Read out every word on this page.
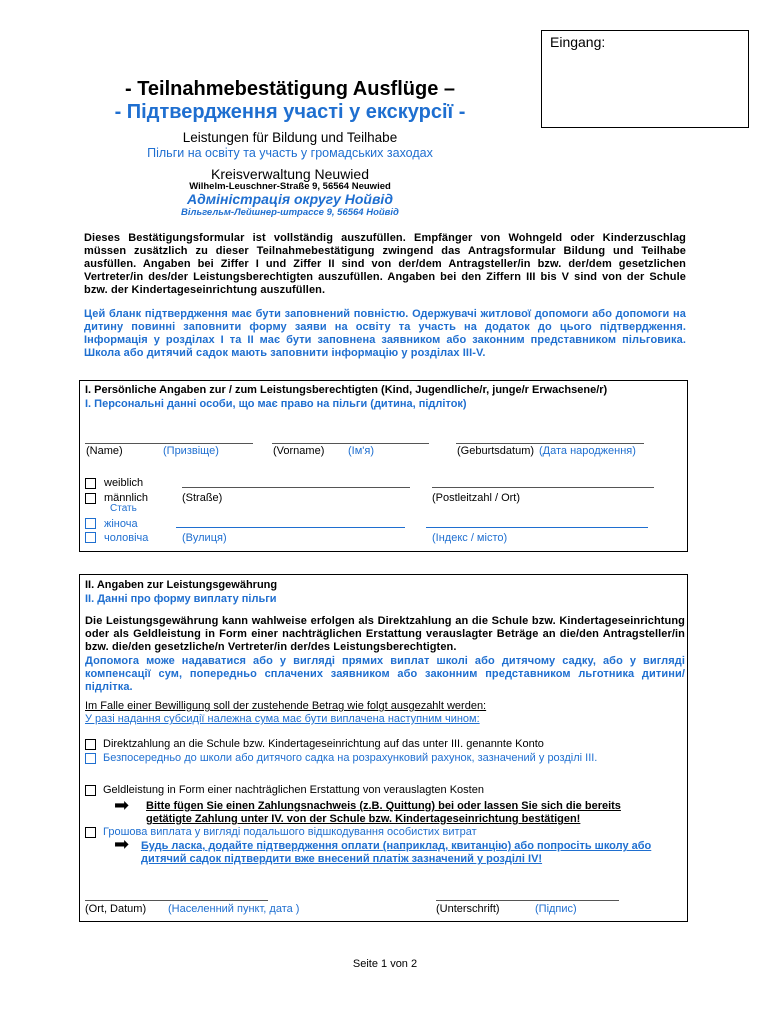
Eingang:
- Teilnahmebestätigung Ausflüge –
- Підтвердження участі у екскурсії -
Leistungen für Bildung und Teilhabe
Пільги на освіту та участь у громадських заходах
Kreisverwaltung Neuwied
Wilhelm-Leuschner-Straße 9, 56564 Neuwied
Адміністрація округу Нойвід
Вільгельм-Лейшнер-штрассе 9, 56564 Нойвід
Dieses Bestätigungsformular ist vollständig auszufüllen. Empfänger von Wohngeld oder Kinderzuschlag müssen zusätzlich zu dieser Teilnahmebestätigung zwingend das Antragsformular Bildung und Teilhabe ausfüllen. Angaben bei Ziffer I und Ziffer II sind von der/dem Antragsteller/in bzw. der/dem gesetzlichen Vertreter/in des/der Leistungsberechtigten auszufüllen. Angaben bei den Ziffern III bis V sind von der Schule bzw. der Kindertageseinrichtung auszufüllen.
Цей бланк підтвердження має бути заповнений повністю. Одержувачі житлової допомоги або допомоги на дитину повинні заповнити форму заяви на освіту та участь на додаток до цього підтвердження. Інформація у розділах I та II має бути заповнена заявником або законним представником пільговика. Школа або дитячий садок мають заповнити інформацію у розділах III-V.
I. Persönliche Angaben zur / zum Leistungsberechtigten (Kind, Jugendliche/r, junge/r Erwachsene/r)
I. Персональні данні особи, що має право на пільги (дитина, підліток)
(Name)	(Призвіще)	(Vorname) (Ім'я)	(Geburtsdatum) (Дата народження)
weiblich
männlich
Стать
жіноча
чоловіча
(Straße)	(Postleitzahl / Ort)
(Вулиця)	(Індекс / місто)
II. Angaben zur Leistungsgewährung
II. Данні про форму виплату пільги
Die Leistungsgewährung kann wahlweise erfolgen als Direktzahlung an die Schule bzw. Kindertageseinrichtung oder als Geldleistung in Form einer nachträglichen Erstattung verauslagter Beträge an die/den Antragsteller/in bzw. die/den gesetzliche/n Vertreter/in der/des Leistungsberechtigten.
Допомога може надаватися або у вигляді прямих виплат школі або дитячому садку, або у вигляді компенсації сум, попередньо сплачених заявником або законним представником льготника дитини/підлітка.
Im Falle einer Bewilligung soll der zustehende Betrag wie folgt ausgezahlt werden:
У разі надання субсидії належна сума має бути виплачена наступним чином:
Direktzahlung an die Schule bzw. Kindertageseinrichtung auf das unter III. genannte Konto
Безпосередньо до школи або дитячого садка на розрахунковий рахунок, зазначений у розділі III.
Geldleistung in Form einer nachträglichen Erstattung von verauslagten Kosten
➡ Bitte fügen Sie einen Zahlungsnachweis (z.B. Quittung) bei oder lassen Sie sich die bereits getätigte Zahlung unter IV. von der Schule bzw. Kindertageseinrichtung bestätigen!
Грошова виплата у вигляді подальшого відшкодування особистих витрат
➡ Будь ласка, додайте підтвердження оплати (наприклад, квитанцію) або попросіть школу або дитячий садок підтвердити вже внесений платіж зазначений у розділі IV!
(Ort, Datum) (Населенний пункт, дата )	(Unterschrift)	(Підпис)
Seite 1 von 2
